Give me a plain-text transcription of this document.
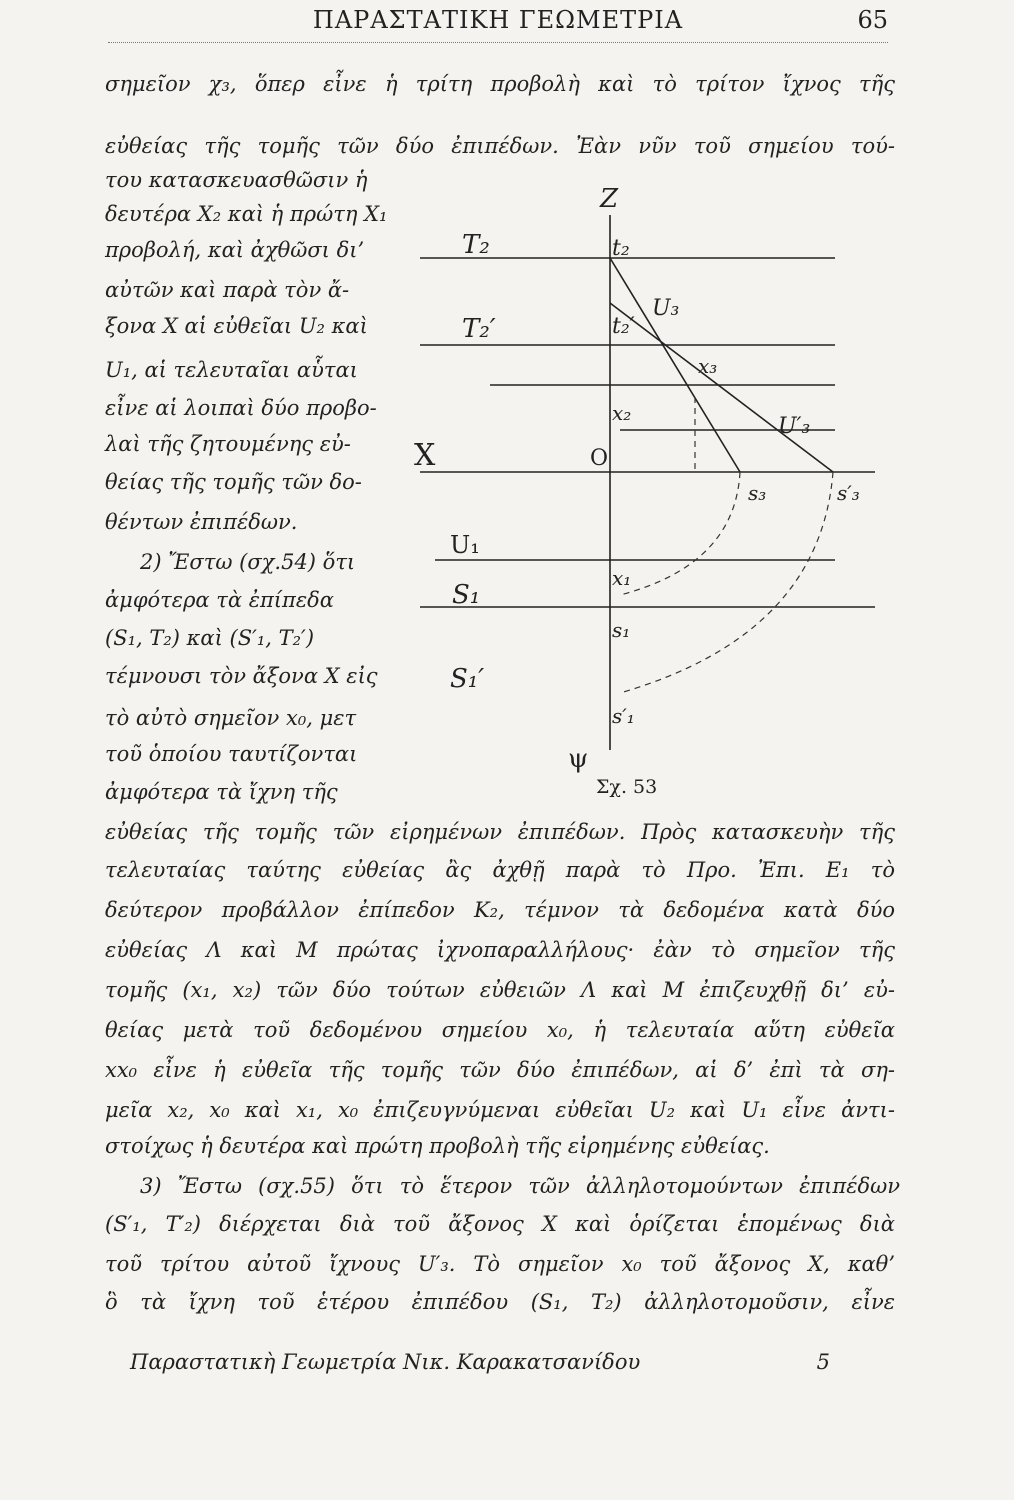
ΠΑΡΑΣΤΑΤΙΚΗ ΓΕΩΜΕΤΡΙΑ	65

σημεῖον χ₃, ὅπερ εἶνε ἡ τρίτη προβολὴ καὶ τὸ τρίτον ἴχνος τῆς

εὐθείας τῆς τομῆς τῶν δύο ἐπιπέδων. Ἐὰν νῦν τοῦ σημείου τού-

του κατασκευασθῶσιν ἡ

δευτέρα X₂ καὶ ἡ πρώτη X₁

προβολή, καὶ ἀχθῶσι δι’

αὐτῶν καὶ παρὰ τὸν ἄ-

ξονα X αἱ εὐθεῖαι U₂ καὶ

U₁, αἱ τελευταῖαι αὗται

εἶνε αἱ λοιπαὶ δύο προβο-

λαὶ τῆς ζητουμένης εὐ-

θείας τῆς τομῆς τῶν δο-

θέντων ἐπιπέδων.

2) Ἔστω (σχ.54) ὅτι

ἀμφότερα τὰ ἐπίπεδα

(S₁, T₂) καὶ (S′₁, T₂′)

τέμνουσι τὸν ἄξονα X εἰς

τὸ αὐτὸ σημεῖον x₀, μετ

τοῦ ὁποίου ταυτίζονται

ἀμφότερα τὰ ἴχνη τῆς

Z
T₂	t₂
T₂′	t₂′
U₃
x₃
x₂
U′₃
X	O
s₃	s′₃
U₁
x₁
S₁
s₁
S₁′
s′₁
ψ
Σχ. 53

εὐθείας τῆς τομῆς τῶν εἰρημένων ἐπιπέδων. Πρὸς κατασκευὴν τῆς

τελευταίας ταύτης εὐθείας ἂς ἀχθῇ παρὰ τὸ Προ. Ἐπι. E₁ τὸ

δεύτερον προβάλλον ἐπίπεδον K₂, τέμνον τὰ δεδομένα κατὰ δύο

εὐθείας Λ καὶ M πρώτας ἰχνοπαραλλήλους· ἐὰν τὸ σημεῖον τῆς

τομῆς (x₁, x₂) τῶν δύο τούτων εὐθειῶν Λ καὶ M ἐπιζευχθῇ δι’ εὐ-

θείας μετὰ τοῦ δεδομένου σημείου x₀, ἡ τελευταία αὕτη εὐθεῖα

xx₀ εἶνε ἡ εὐθεῖα τῆς τομῆς τῶν δύο ἐπιπέδων, αἱ δ’ ἐπὶ τὰ ση-

μεῖα x₂, x₀ καὶ x₁, x₀ ἐπιζευγνύμεναι εὐθεῖαι U₂ καὶ U₁ εἶνε ἀντι-

στοίχως ἡ δευτέρα καὶ πρώτη προβολὴ τῆς εἰρημένης εὐθείας.

3) Ἔστω (σχ.55) ὅτι τὸ ἕτερον τῶν ἀλληλοτομούντων ἐπιπέδων

(S′₁, T′₂) διέρχεται διὰ τοῦ ἄξονος X καὶ ὁρίζεται ἑπομένως διὰ

τοῦ τρίτου αὐτοῦ ἴχνους U′₃. Τὸ σημεῖον x₀ τοῦ ἄξονος X, καθ’

ὃ τὰ ἴχνη τοῦ ἑτέρου ἐπιπέδου (S₁, T₂) ἀλληλοτομοῦσιν, εἶνε

Παραστατικὴ Γεωμετρία Νικ. Καρακατσανίδου	5
